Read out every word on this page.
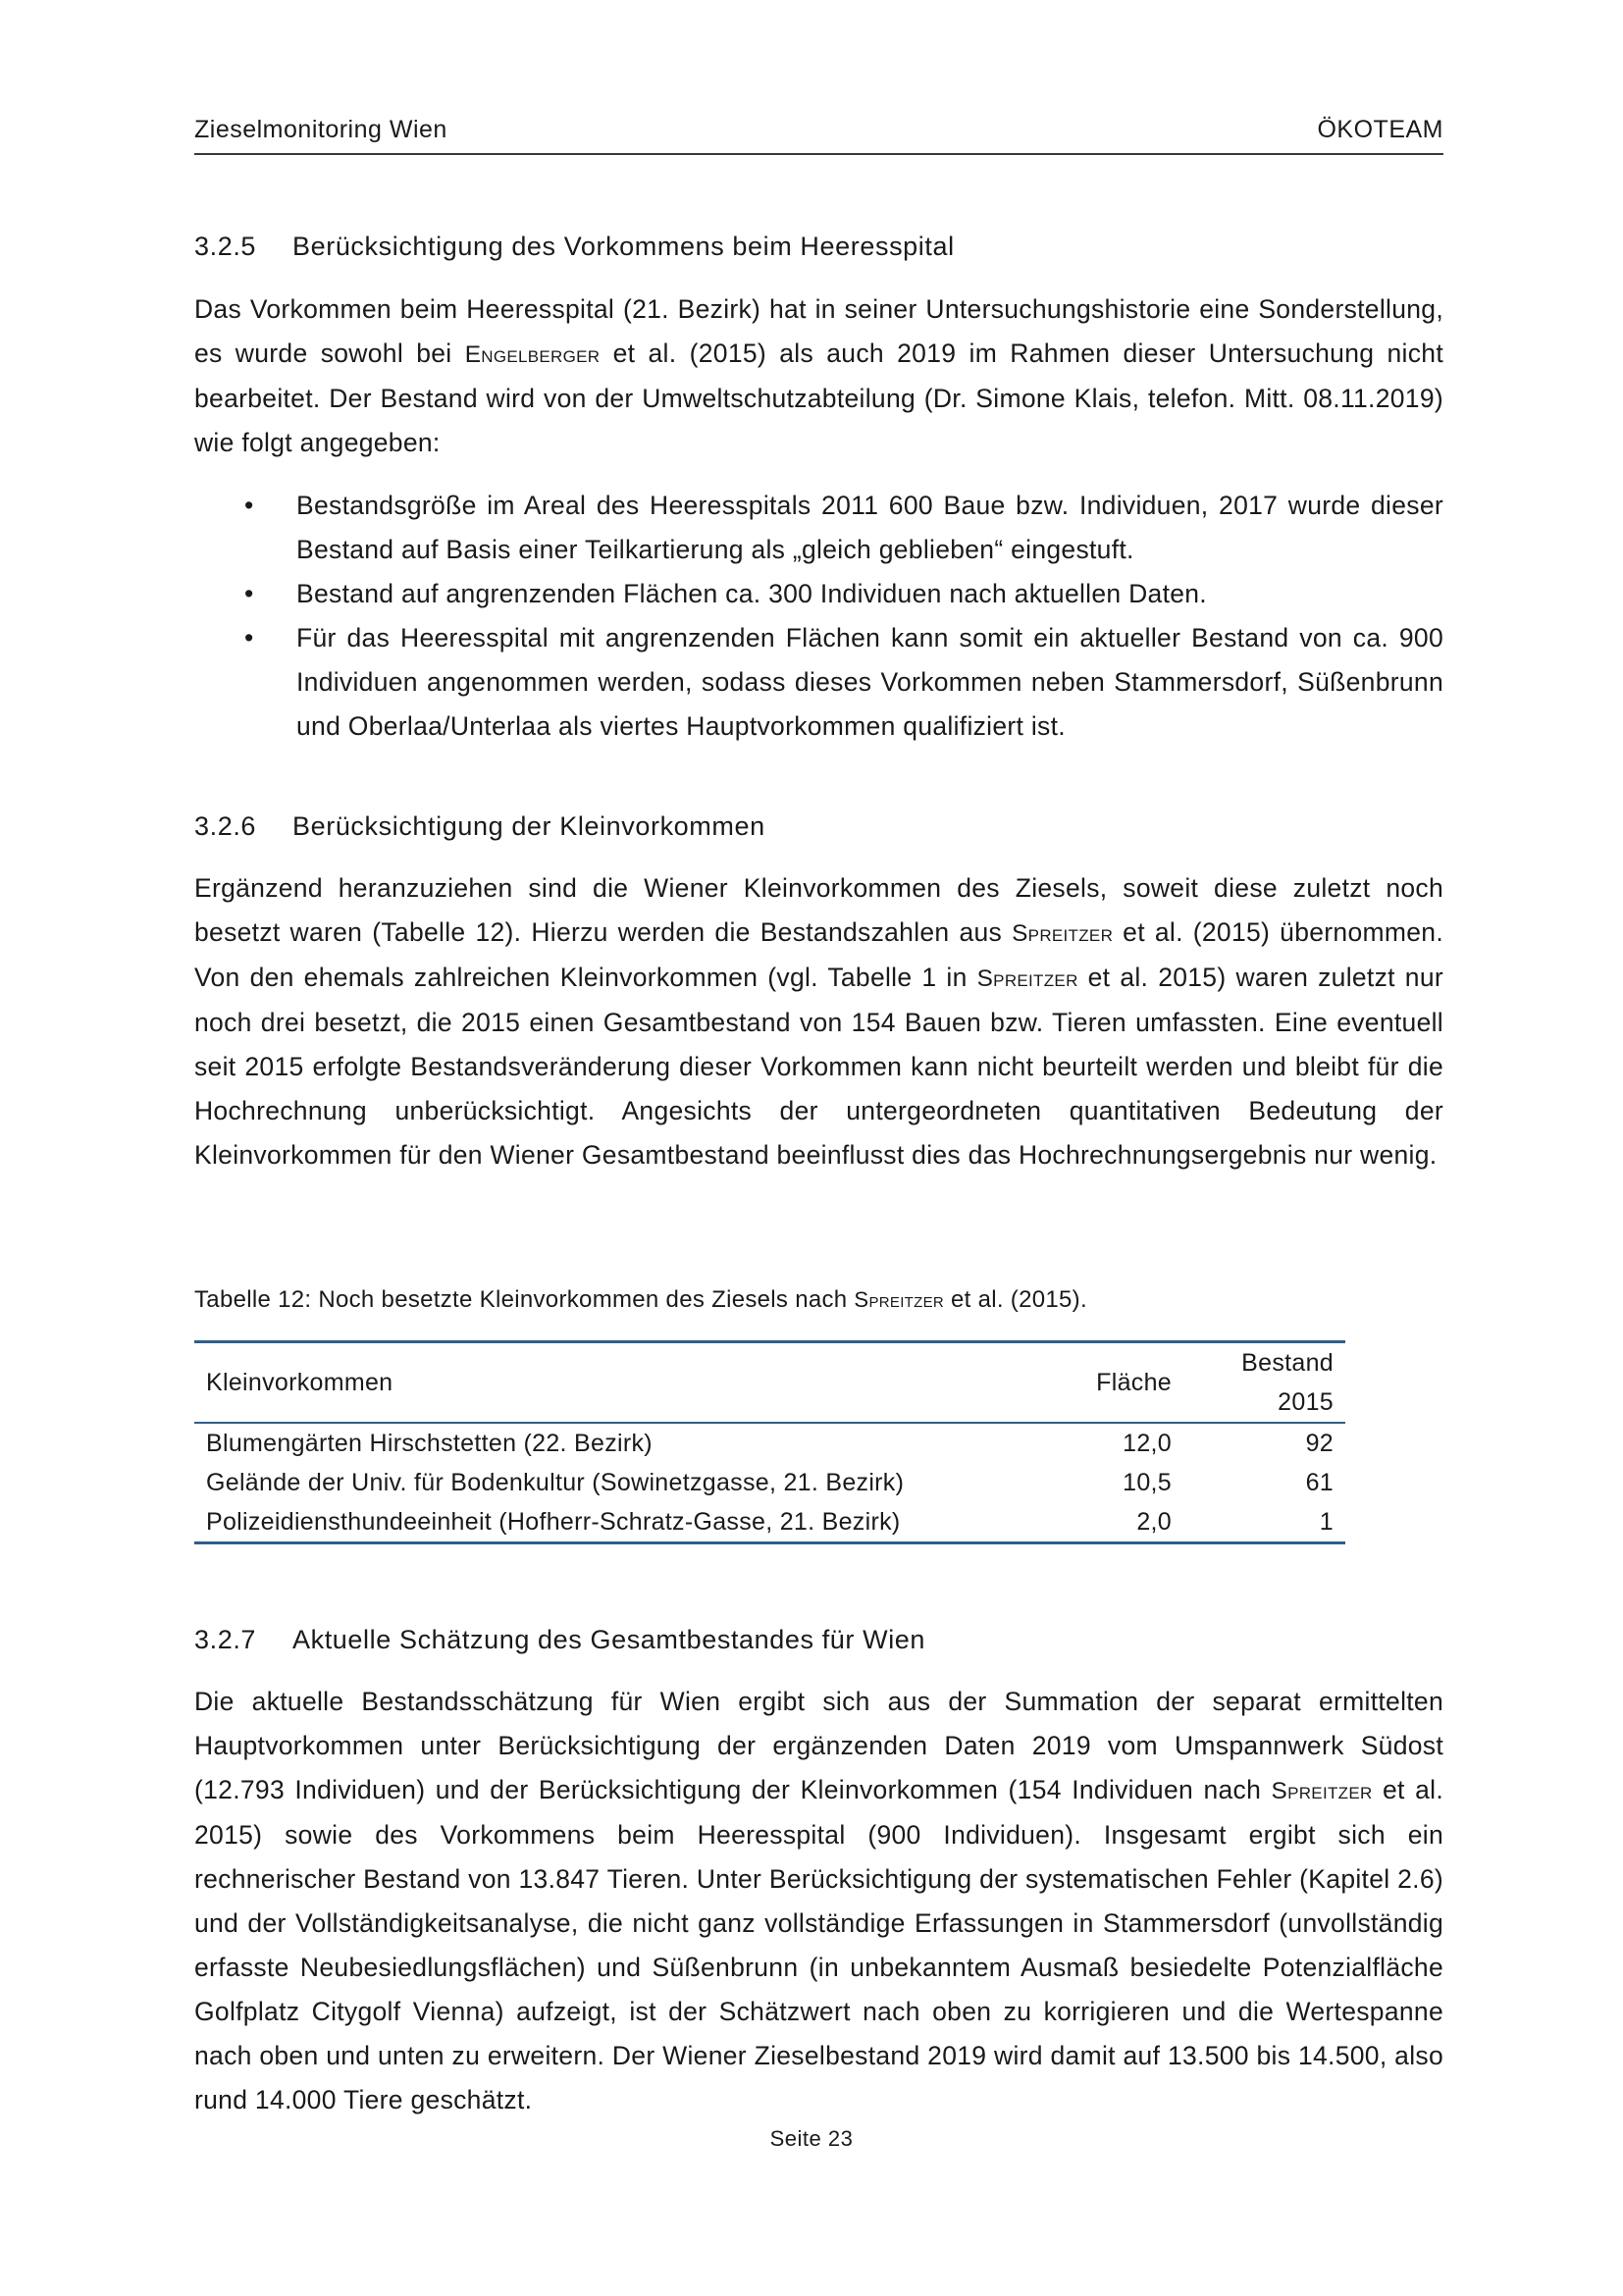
Zieselmonitoring Wien	ÖKOTEAM
3.2.5 Berücksichtigung des Vorkommens beim Heeresspital

Das Vorkommen beim Heeresspital (21. Bezirk) hat in seiner Untersuchungshistorie eine Sonderstellung, es wurde sowohl bei Engelberger et al. (2015) als auch 2019 im Rahmen dieser Untersuchung nicht bearbeitet. Der Bestand wird von der Umweltschutzabteilung (Dr. Simone Klais, telefon. Mitt. 08.11.2019) wie folgt angegeben:

• Bestandsgröße im Areal des Heeresspitals 2011 600 Baue bzw. Individuen, 2017 wurde dieser Bestand auf Basis einer Teilkartierung als „gleich geblieben“ eingestuft.
• Bestand auf angrenzenden Flächen ca. 300 Individuen nach aktuellen Daten.
• Für das Heeresspital mit angrenzenden Flächen kann somit ein aktueller Bestand von ca. 900 Individuen angenommen werden, sodass dieses Vorkommen neben Stammersdorf, Süßenbrunn und Oberlaa/Unterlaa als viertes Hauptvorkommen qualifiziert ist.
3.2.6 Berücksichtigung der Kleinvorkommen

Ergänzend heranzuziehen sind die Wiener Kleinvorkommen des Ziesels, soweit diese zuletzt noch besetzt waren (Tabelle 12). Hierzu werden die Bestandszahlen aus Spreitzer et al. (2015) übernommen. Von den ehemals zahlreichen Kleinvorkommen (vgl. Tabelle 1 in Spreitzer et al. 2015) waren zuletzt nur noch drei besetzt, die 2015 einen Gesamtbestand von 154 Bauen bzw. Tieren umfassten. Eine eventuell seit 2015 erfolgte Bestandsveränderung dieser Vorkommen kann nicht beurteilt werden und bleibt für die Hochrechnung unberücksichtigt. Angesichts der untergeordneten quantitativen Bedeutung der Kleinvorkommen für den Wiener Gesamtbestand beeinflusst dies das Hochrechnungsergebnis nur wenig.

Tabelle 12: Noch besetzte Kleinvorkommen des Ziesels nach Spreitzer et al. (2015).
Kleinvorkommen	Fläche	Bestand 2015
Blumengärten Hirschstetten (22. Bezirk)	12,0	92
Gelände der Univ. für Bodenkultur (Sowinetzgasse, 21. Bezirk)	10,5	61
Polizeidiensthundeeinheit (Hofherr-Schratz-Gasse, 21. Bezirk)	2,0	1
3.2.7 Aktuelle Schätzung des Gesamtbestandes für Wien

Die aktuelle Bestandsschätzung für Wien ergibt sich aus der Summation der separat ermittelten Hauptvorkommen unter Berücksichtigung der ergänzenden Daten 2019 vom Umspannwerk Südost (12.793 Individuen) und der Berücksichtigung der Kleinvorkommen (154 Individuen nach Spreitzer et al. 2015) sowie des Vorkommens beim Heeresspital (900 Individuen). Insgesamt ergibt sich ein rechnerischer Bestand von 13.847 Tieren. Unter Berücksichtigung der systematischen Fehler (Kapitel 2.6) und der Vollständigkeitsanalyse, die nicht ganz vollständige Erfassungen in Stammersdorf (unvollständig erfasste Neubesiedlungsflächen) und Süßenbrunn (in unbekanntem Ausmaß besiedelte Potenzialfläche Golfplatz Citygolf Vienna) aufzeigt, ist der Schätzwert nach oben zu korrigieren und die Wertespanne nach oben und unten zu erweitern. Der Wiener Zieselbestand 2019 wird damit auf 13.500 bis 14.500, also rund 14.000 Tiere geschätzt.

Seite 23
